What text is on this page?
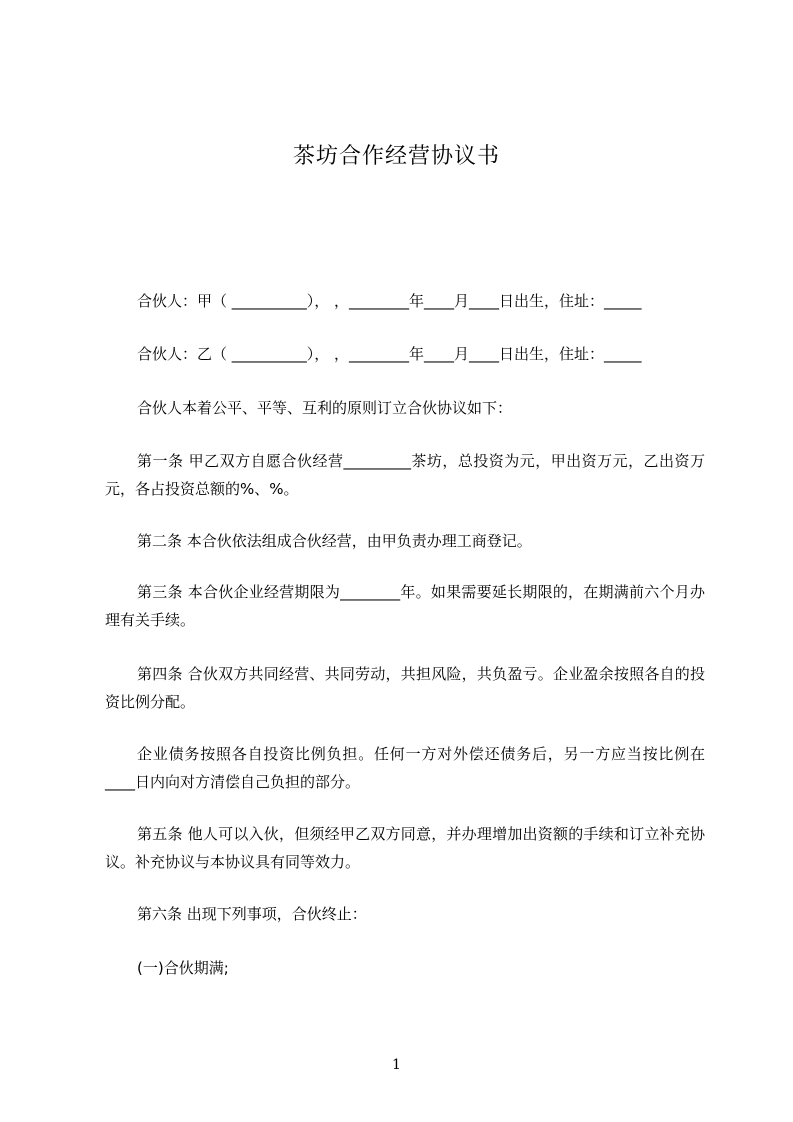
茶坊合作经营协议书
合伙人：甲（ __________）， ，________年____月____日出生，住址：_____
合伙人：乙（ __________）， ，________年____月____日出生，住址：_____
合伙人本着公平、平等、互利的原则订立合伙协议如下：
第一条 甲乙双方自愿合伙经营_________茶坊，总投资为元，甲出资万元，乙出资万元，各占投资总额的%、%。
第二条 本合伙依法组成合伙经营，由甲负责办理工商登记。
第三条 本合伙企业经营期限为________年。如果需要延长期限的，在期满前六个月办理有关手续。
第四条 合伙双方共同经营、共同劳动，共担风险，共负盈亏。企业盈余按照各自的投资比例分配。
企业债务按照各自投资比例负担。任何一方对外偿还债务后，另一方应当按比例在____日内向对方清偿自己负担的部分。
第五条 他人可以入伙，但须经甲乙双方同意，并办理增加出资额的手续和订立补充协议。补充协议与本协议具有同等效力。
第六条 出现下列事项，合伙终止：
(一)合伙期满;
1
